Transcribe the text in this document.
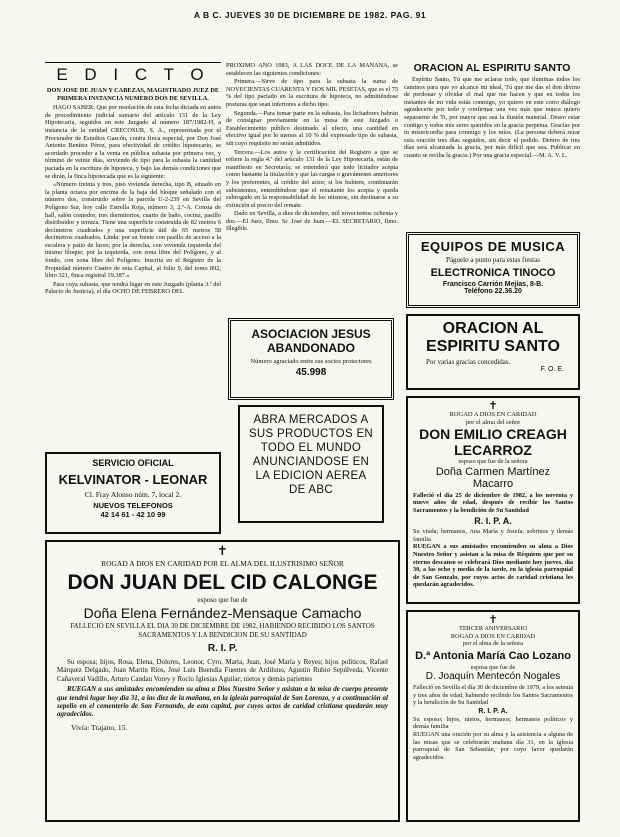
A B C. JUEVES 30 DE DICIEMBRE DE 1982. PAG. 91
E D I C T O
DON JOSE DE JUAN Y CABEZAS, MAGISTRADO JUEZ DE PRIMERA INSTANCIA NUMERO DOS DE SEVILLA.

HAGO SABER: Que por resolución de esta fecha dictada en autos de procedimiento judicial sumario del artículo 131 de la Ley Hipotecaria, seguidos en este Juzgado al número 187/1982-H, a instancia de la entidad CRECOSUR, S. A., representada por el Procurador de Estudios Gascón, contra finca especial, por Don José Antonio Benítez Pérez, para efectividad de crédito hipotecario, se acordado proceder a la venta en pública subasta por primera vez, y término de veinte días, sirviendo de tipo para la subasta la cantidad pactada en la escritura de hipoteca, y bajo las demás condiciones que se dirán, la finca hipotecada que es la siguiente:

«Número treinta y tres, piso vivienda derecha, tipo B, situado en la planta octava por encima de la baja del bloque señalado con el número dos, construido sobre la parcela U-2-239 en Sevilla del Polígono Sur, hoy calle Estrella Roja, número 3, 2.º-A. Consta de hall, salón comedor, tres dormitorios, cuarto de baño, cocina, pasillo distribuidor y terraza. Tiene una superficie construida de 82 metros 6 decímetros cuadrados y una superficie útil de 65 metros 58 decímetros cuadrados. Linda: por su frente con pasillo de acceso a la escalera y patio de luces; por la derecha, con vivienda izquierda del mismo bloque; por la izquierda, con zona libre del Polígono, y al fondo, con zona libre del Polígono. Inscrita en el Registro de la Propiedad número Cuatro de esta Capital, al folio 9, del tomo 892, libro 321, finca registral 19.387.»

Para cuya subasta, que tendrá lugar en este Juzgado (planta 3.ª del Palacio de Justicia), el día OCHO DE FEBRERO DEL

PROXIMO AÑO 1983, A LAS DOCE DE LA MAÑANA, se establecen las siguientes condiciones:

Primera.—Sirve de tipo para la subasta la suma de NOVECIENTAS CUARENTA Y DOS MIL PESETAS, que es el 75 % del tipo pactado en la escritura de hipoteca, no admitiéndose posturas que sean inferiores a dicho tipo.

Segunda.—Para tomar parte en la subasta, los licitadores habrán de consignar previamente en la mesa de este Juzgado o Establecimiento público destinado al efecto, una cantidad en efectivo igual por lo menos al 10 % del expresado tipo de subasta, sin cuyo requisito no serán admitidos.

Tercera.—Los autos y la certificación del Registro a que se refiere la regla 4.ª del artículo 131 de la Ley Hipotecaria, están de manifiesto en Secretaría; se entenderá que todo licitador acepta como bastante la titulación y que las cargas o gravámenes anteriores y los preferentes, al crédito del actor, si los hubiere, continuarán subsistentes, entendiéndose que el rematante los acepta y queda subrogado en la responsabilidad de los mismos, sin destinarse a su extinción el precio del remate.

Dado en Sevilla, a diez de diciembre, mil novecientos ochenta y dos.—El Juez, Ilmo. Sr. José de Juan.—EL SECRETARIO, Ilmo. Illegible.

SERVICIO OFICIAL
KELVINATOR - LEONAR
Cl. Fray Alonso núm. 7, local 2.
NUEVOS TELEFONOS
42 14 61 - 42 10 99
ASOCIACION JESUS
ABANDONADO
Número agraciado entre sus socios protectores
45.998
ABRA MERCADOS A SUS PRODUCTOS EN TODO EL MUNDO ANUNCIANDOSE EN LA EDICION AEREA DE ABC
ORACION AL ESPIRITU SANTO
Espíritu Santo, Tú que me aclaras todo, que iluminas todos los caminos para que yo alcance mi ideal, Tú que me das el don divino de perdonar y olvidar el mal que me hacen y que en todos los instantes de mi vida estás conmigo, yo quiero en este corto diálogo agradecerte por todo y confirmar una vez más que nunca quiero separarme de Ti, por mayor que sea la ilusión material. Deseo estar contigo y todos mis seres queridos en la gracia perpetua. Gracias por tu misericordia para conmigo y los míos. (La persona deberá rezar esta oración tres días seguidos, sin decir el pedido. Dentro de tres días será alcanzada la gracia, por más difícil que sea. Publicar en cuanto se reciba la gracia.) Por una gracia especial.—M. A. V. L.
EQUIPOS DE MUSICA
Páguelo a punto para estas fiestas
ELECTRONICA TINOCO
Francisco Carrión Mejías, 8-B.
Teléfono 22.36.20
ORACION AL
ESPIRITU SANTO
Por varias gracias concedidas.
F. O. E.
✝
ROGAD A DIOS EN CARIDAD
por el alma del señor
DON EMILIO CREAGH
LECARROZ
esposo que fue de la señora
Doña Carmen Martínez
Macarro
Falleció el día 25 de diciembre de 1982, a los noventa y nueve años de edad, después de recibir los Santos Sacramentos y la bendición de Su Santidad
R. I. P. A.
Su viuda; hermanos, Ana María y Josefa; sobrinos y demás familia
RUEGAN a sus amistades encomienden su alma a Dios Nuestro Señor y asistan a la misa de Réquiem que por su eterno descanso se celebrará Dios mediante hoy jueves, día 30, a las ocho y media de la tarde, en la iglesia parroquial de San Gonzalo, por cuyos actos de caridad cristiana les quedarán agradecidos.
✝
TERCER ANIVERSARIO
ROGAD A DIOS EN CARIDAD
por el alma de la señora
D.ª Antonia María Cao Lozano
esposa que fue de
D. Joaquín Mentecón Nogales
Falleció en Sevilla el día 30 de diciembre de 1979, a los setenta y tres años de edad, habiendo recibido los Santos Sacramentos y la bendición de Su Santidad
R. I. P. A.
Su esposo; hijos, nietos, hermanos; hermanos políticos y demás familia
RUEGAN una oración por su alma y la asistencia a alguna de las misas que se celebrarán mañana día 31, en la iglesia parroquial de San Sebastián, por cuyo favor quedarán agradecidos.
✝
ROGAD A DIOS EN CARIDAD POR EL ALMA DEL ILUSTRISIMO SEÑOR
DON JUAN DEL CID CALONGE
esposo que fue de
Doña Elena Fernández-Mensaque Camacho
FALLECIO EN SEVILLA EL DIA 30 DE DICIEMBRE DE 1982, HABIENDO RECIBIDO LOS SANTOS SACRAMENTOS Y LA BENDICION DE SU SANTIDAD
R. I. P.
Su esposa; hijos, Rosa, Elena, Dolores, Leonor, Cyro, Marta, Juan, José María y Reyes; hijos políticos, Rafael Márquez Delgado, Juan Martín Ríos, José Luis Buendía Fuentes de Ardiluno, Agustín Rubio Sepúlveda, Vicente Cañaveral Vadillo, Arturo Candau Vorey y Rocío Iglesias Aguilar; nietos y demás parientes
RUEGAN a sus amistades encomienden su alma a Dios Nuestro Señor y asistan a la misa de cuerpo presente que tendrá lugar hoy día 31, a las diez de la mañana, en la iglesia parroquial de San Lorenzo, y a continuación al sepelio en el cementerio de San Fernando, de esta capital, por cuyos actos de caridad cristiana quedarán muy agradecidos.
Vivía: Trajano, 15.
